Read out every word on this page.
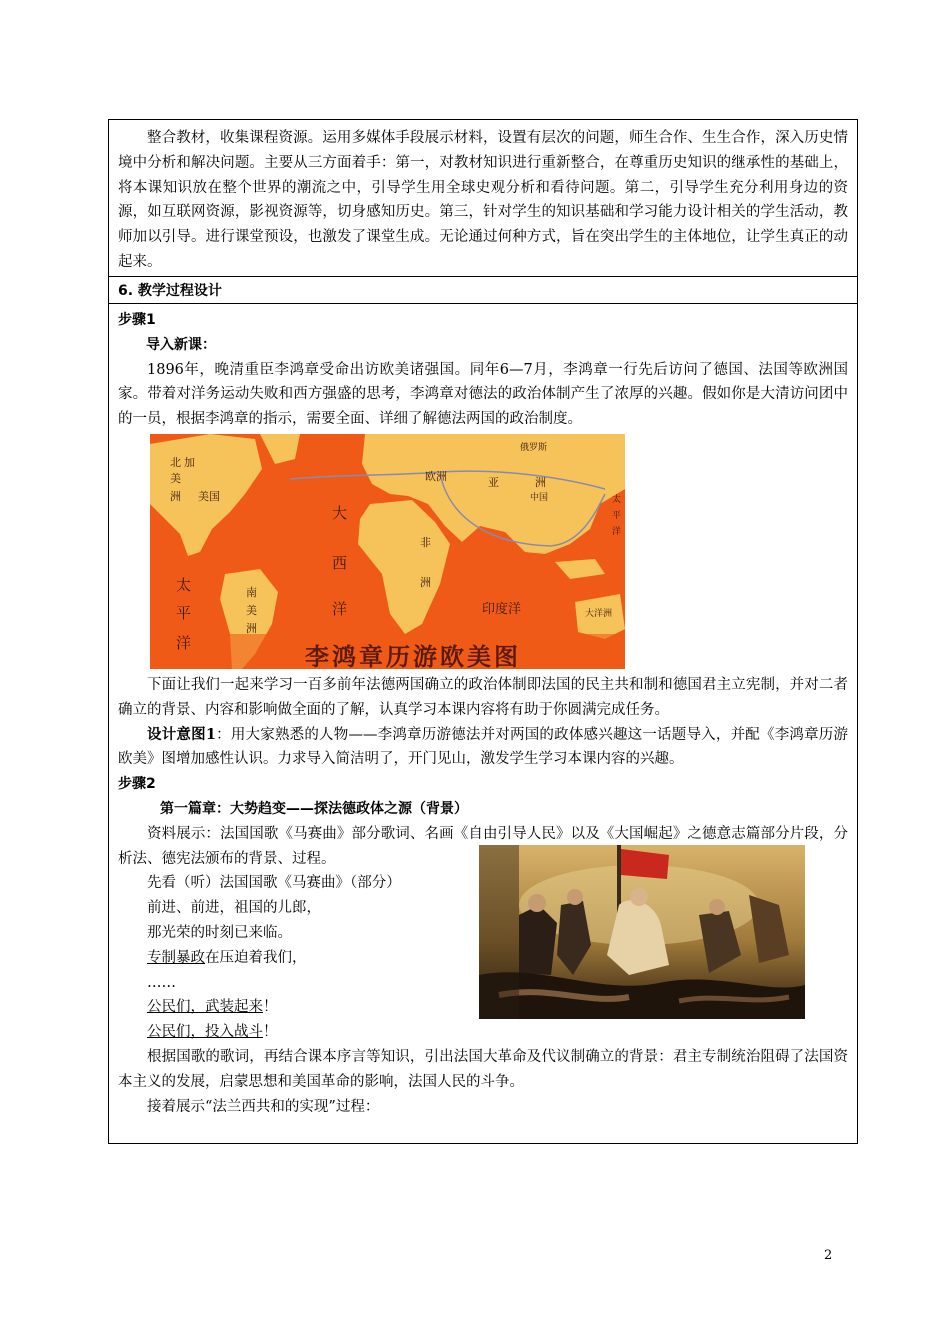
整合教材，收集课程资源。运用多媒体手段展示材料，设置有层次的问题，师生合作、生生合作，深入历史情境中分析和解决问题。主要从三方面着手：第一，对教材知识进行重新整合，在尊重历史知识的继承性的基础上，将本课知识放在整个世界的潮流之中，引导学生用全球史观分析和看待问题。第二，引导学生充分利用身边的资源，如互联网资源，影视资源等，切身感知历史。第三，针对学生的知识基础和学习能力设计相关的学生活动，教师加以引导。进行课堂预设，也激发了课堂生成。无论通过何种方式，旨在突出学生的主体地位，让学生真正的动起来。

6. 教学过程设计

步骤1

导入新课：

1896年，晚清重臣李鸿章受命出访欧美诸强国。同年6—7月，李鸿章一行先后访问了德国、法国等欧洲国家。带着对洋务运动失败和西方强盛的思考，李鸿章对德法的政治体制产生了浓厚的兴趣。假如你是大清访问团中的一员，根据李鸿章的指示，需要全面、详细了解德法两国的政治制度。

北 加
美
洲 美国
大
西
洋
欧洲	亚	洲
中国
俄罗斯
非
洲
太
平
洋
太
平
洋
南
美
洲
印度洋	大洋洲
李鸿章历游欧美图

下面让我们一起来学习一百多前年法德两国确立的政治体制即法国的民主共和制和德国君主立宪制，并对二者确立的背景、内容和影响做全面的了解，认真学习本课内容将有助于你圆满完成任务。

设计意图1：用大家熟悉的人物——李鸿章历游德法并对两国的政体感兴趣这一话题导入，并配《李鸿章历游欧美》图增加感性认识。力求导入简洁明了，开门见山，激发学生学习本课内容的兴趣。

步骤2

第一篇章：大势趋变——探法德政体之源（背景）

资料展示：法国国歌《马赛曲》部分歌词、名画《自由引导人民》以及《大国崛起》之德意志篇部分片段，分析法、德宪法颁布的背景、过程。

先看（听）法国国歌《马赛曲》（部分）

前进、前进，祖国的儿郎，

那光荣的时刻已来临。

专制暴政在压迫着我们，

……

公民们，武装起来！

公民们，投入战斗！

根据国歌的歌词，再结合课本序言等知识，引出法国大革命及代议制确立的背景：君主专制统治阻碍了法国资本主义的发展，启蒙思想和美国革命的影响，法国人民的斗争。

接着展示“法兰西共和的实现”过程：

2
